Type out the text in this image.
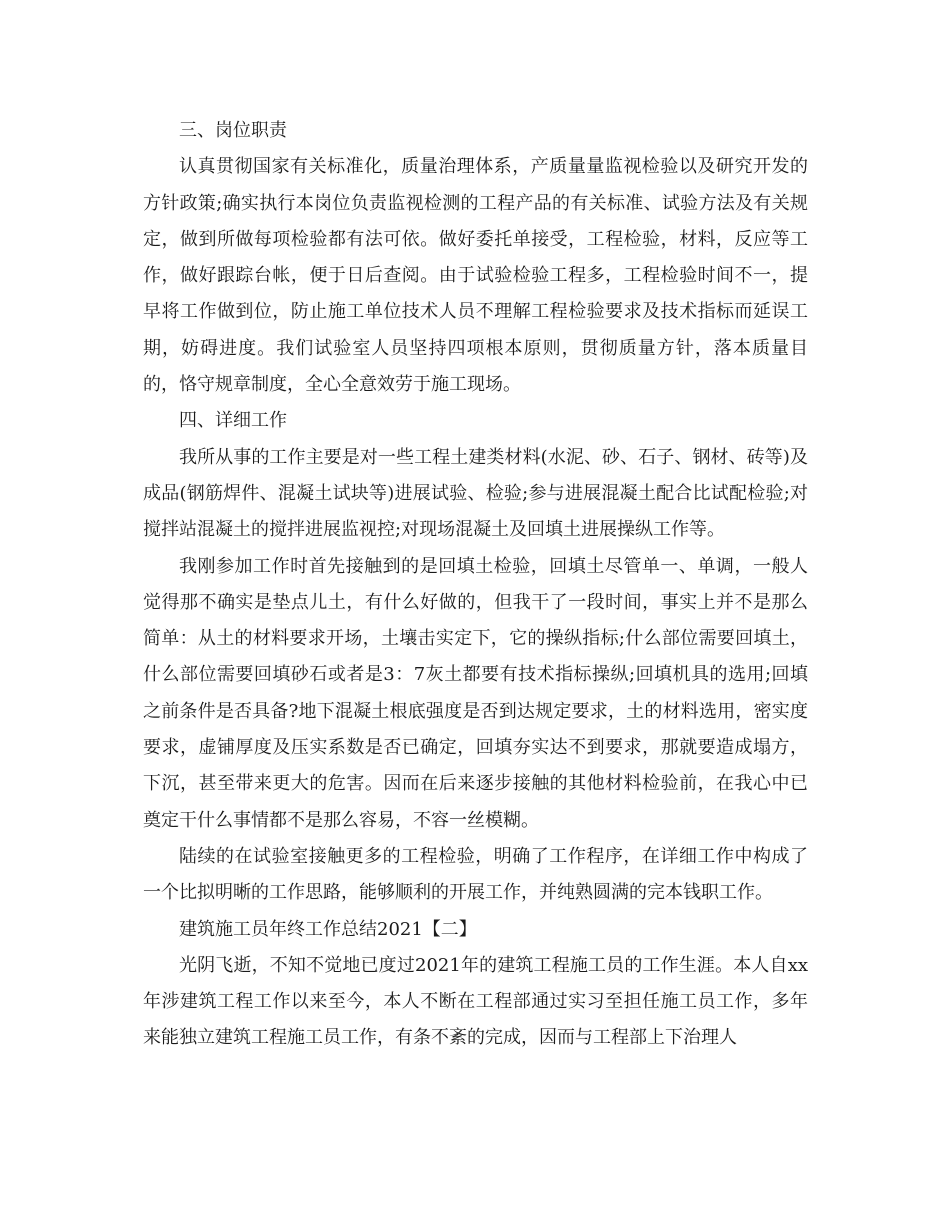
三、岗位职责

认真贯彻国家有关标准化，质量治理体系，产质量量监视检验以及研究开发的方针政策;确实执行本岗位负责监视检测的工程产品的有关标准、试验方法及有关规定，做到所做每项检验都有法可依。做好委托单接受，工程检验，材料，反应等工作，做好跟踪台帐，便于日后查阅。由于试验检验工程多，工程检验时间不一，提早将工作做到位，防止施工单位技术人员不理解工程检验要求及技术指标而延误工期，妨碍进度。我们试验室人员坚持四项根本原则，贯彻质量方针，落本质量目的，恪守规章制度，全心全意效劳于施工现场。

四、详细工作

我所从事的工作主要是对一些工程土建类材料(水泥、砂、石子、钢材、砖等)及成品(钢筋焊件、混凝土试块等)进展试验、检验;参与进展混凝土配合比试配检验;对搅拌站混凝土的搅拌进展监视控;对现场混凝土及回填土进展操纵工作等。

我刚参加工作时首先接触到的是回填土检验，回填土尽管单一、单调，一般人觉得那不确实是垫点儿土，有什么好做的，但我干了一段时间，事实上并不是那么简单：从土的材料要求开场，土壤击实定下，它的操纵指标;什么部位需要回填土，什么部位需要回填砂石或者是3：7灰土都要有技术指标操纵;回填机具的选用;回填之前条件是否具备?地下混凝土根底强度是否到达规定要求，土的材料选用，密实度要求，虚铺厚度及压实系数是否已确定，回填夯实达不到要求，那就要造成塌方，下沉，甚至带来更大的危害。因而在后来逐步接触的其他材料检验前，在我心中已奠定干什么事情都不是那么容易，不容一丝模糊。

陆续的在试验室接触更多的工程检验，明确了工作程序，在详细工作中构成了一个比拟明晰的工作思路，能够顺利的开展工作，并纯熟圆满的完本钱职工作。

建筑施工员年终工作总结2021【二】

光阴飞逝，不知不觉地已度过2021年的建筑工程施工员的工作生涯。本人自xx年涉建筑工程工作以来至今，本人不断在工程部通过实习至担任施工员工作，多年来能独立建筑工程施工员工作，有条不紊的完成，因而与工程部上下治理人
